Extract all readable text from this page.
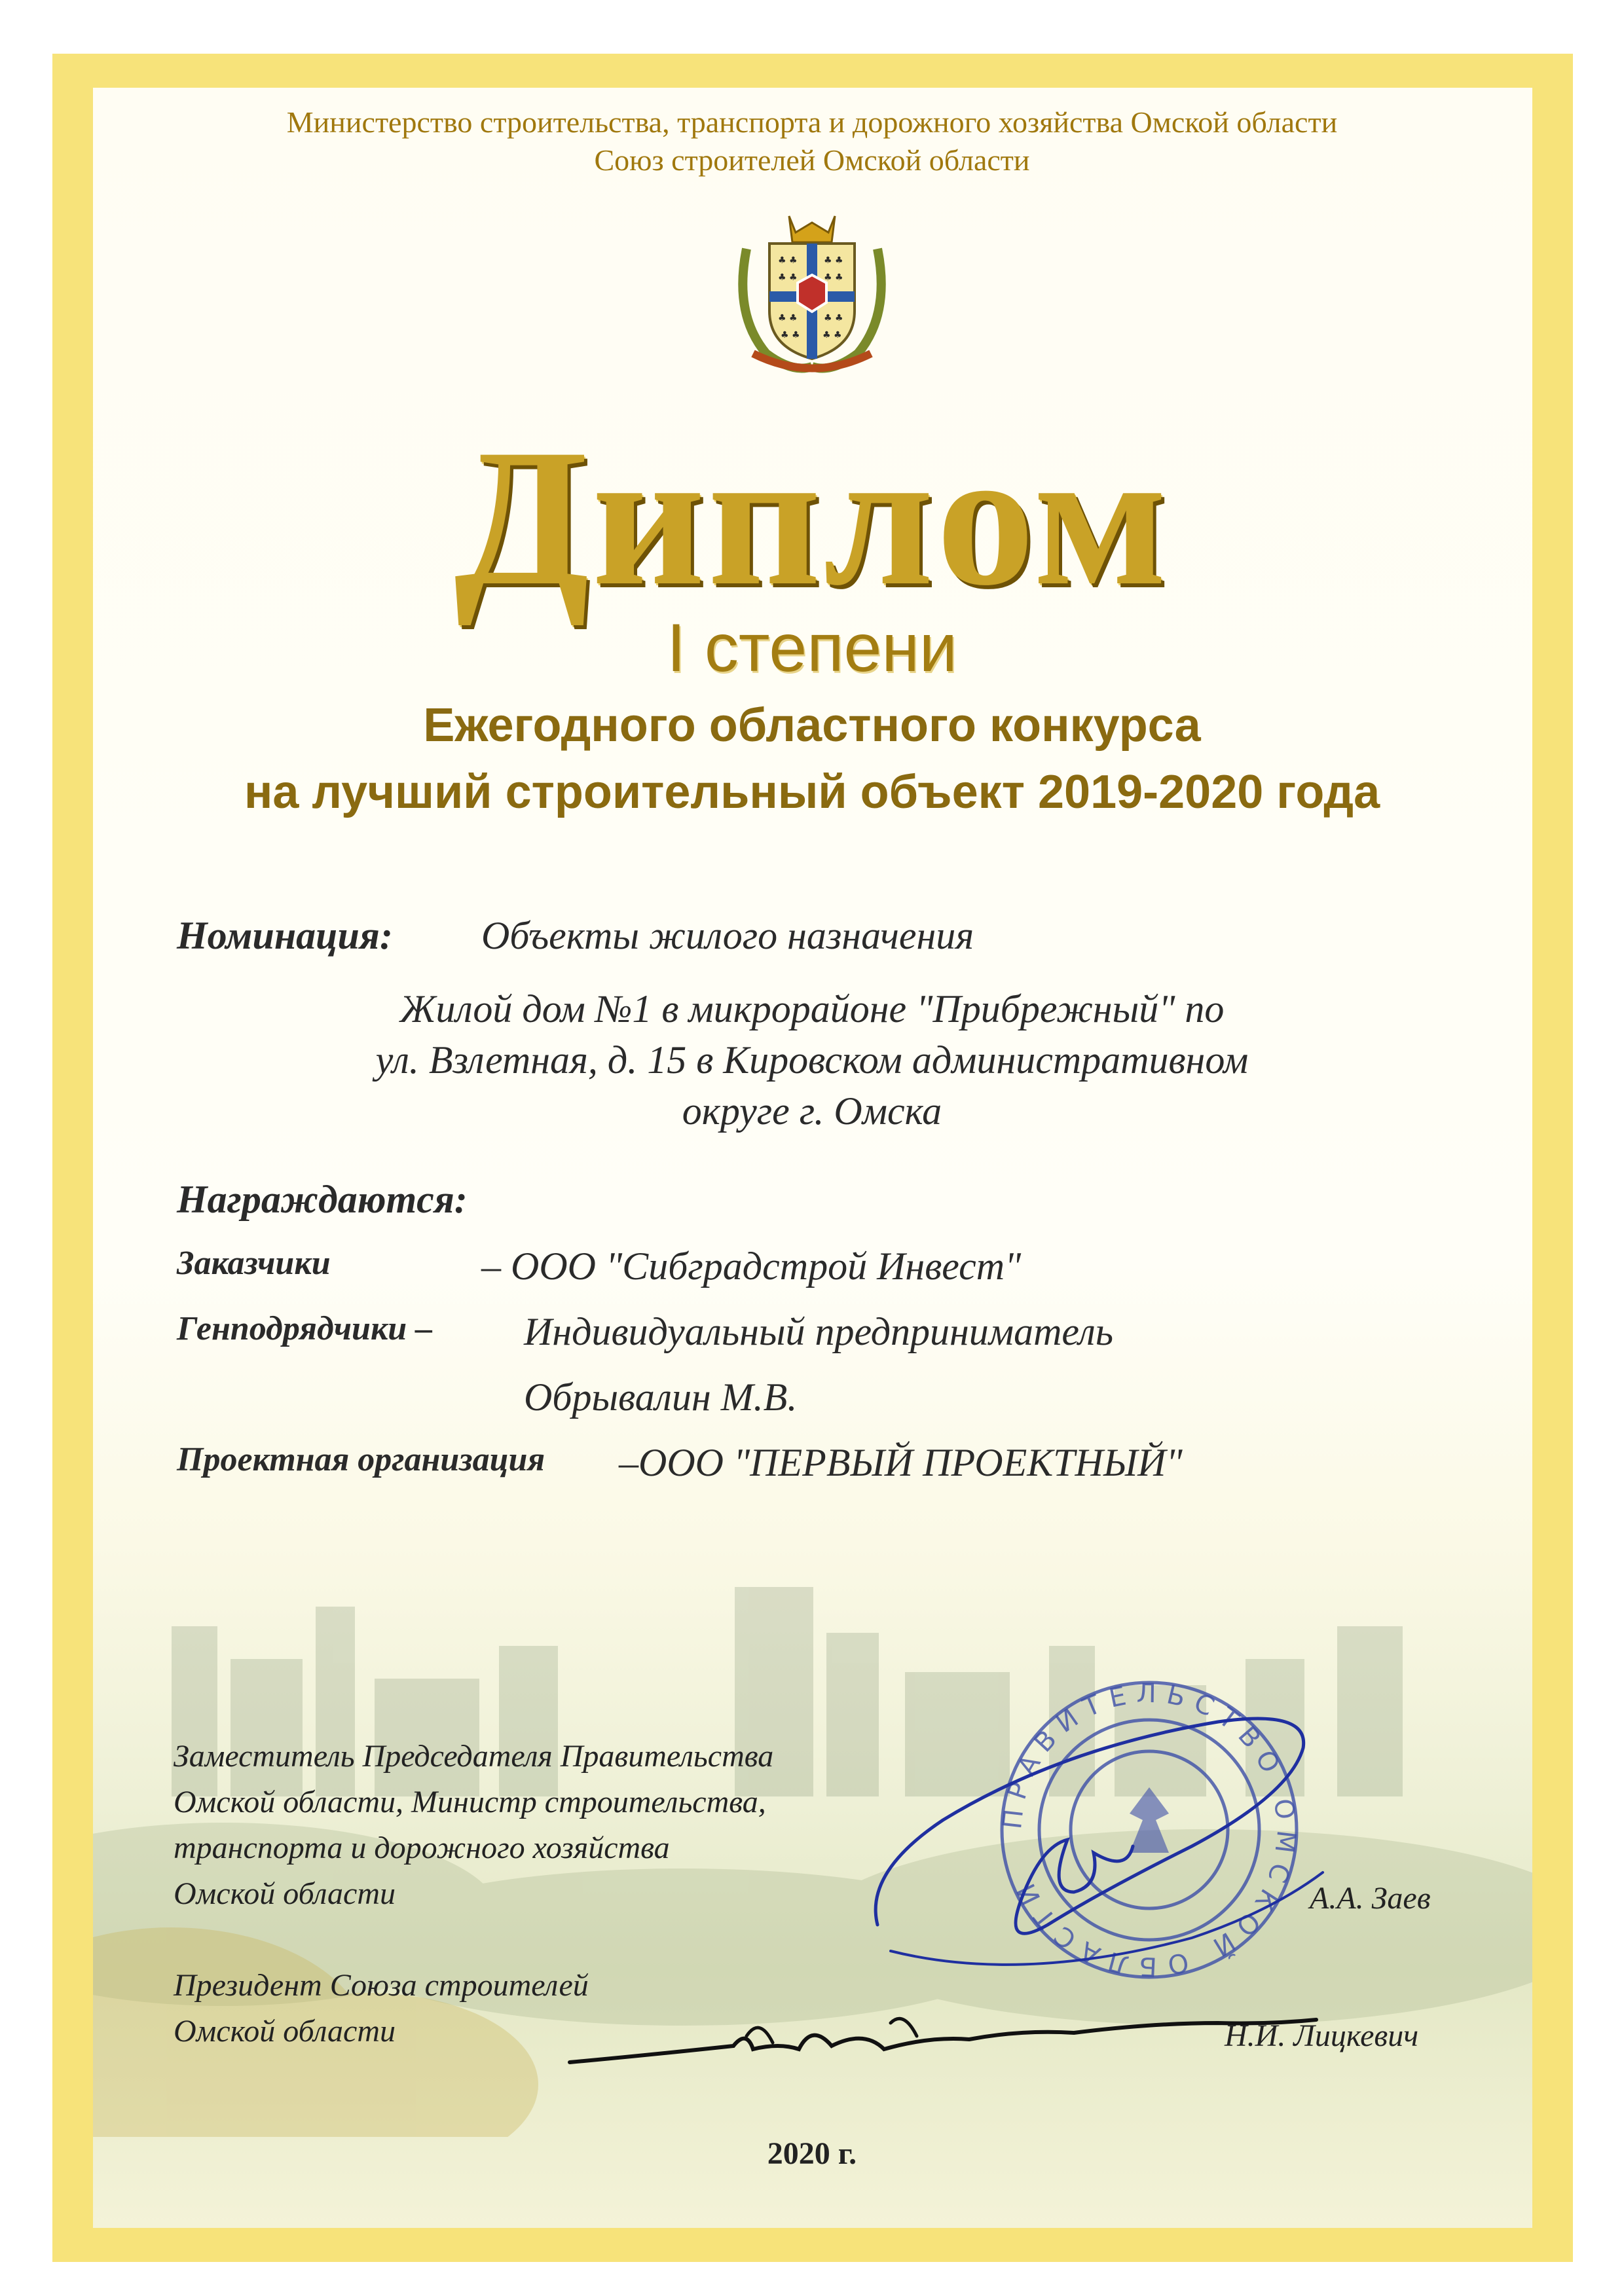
Министерство строительства, транспорта и дорожного хозяйства Омской области
Союз строителей Омской области
♣ ♣	♣ ♣
♣ ♣	♣ ♣
♣ ♣	♣ ♣
♣ ♣ ♣ ♣
Диплом
I степени
Ежегодного областного конкурса
на лучший строительный объект 2019-2020 года
Номинация: Объекты жилого назначения
Жилой дом №1 в микрорайоне "Прибрежный" по
ул. Взлетная, д. 15 в Кировском административном
округе г. Омска
Награждаются:
Заказчики	– ООО "Сибградстрой Инвест"
Генподрядчики – Индивидуальный предприниматель
Обрывалин М.В.
Проектная организация –ООО "ПЕРВЫЙ ПРОЕКТНЫЙ"
Заместитель Председателя Правительства
Омской области, Министр строительства,
транспорта и дорожного хозяйства
Омской области	А.А. Заев
Президент Союза строителей
Омской области	Н.И. Лицкевич
ПРАВИТЕЛЬСТВО ОМСКОЙ ОБЛАСТИ
2020 г.
